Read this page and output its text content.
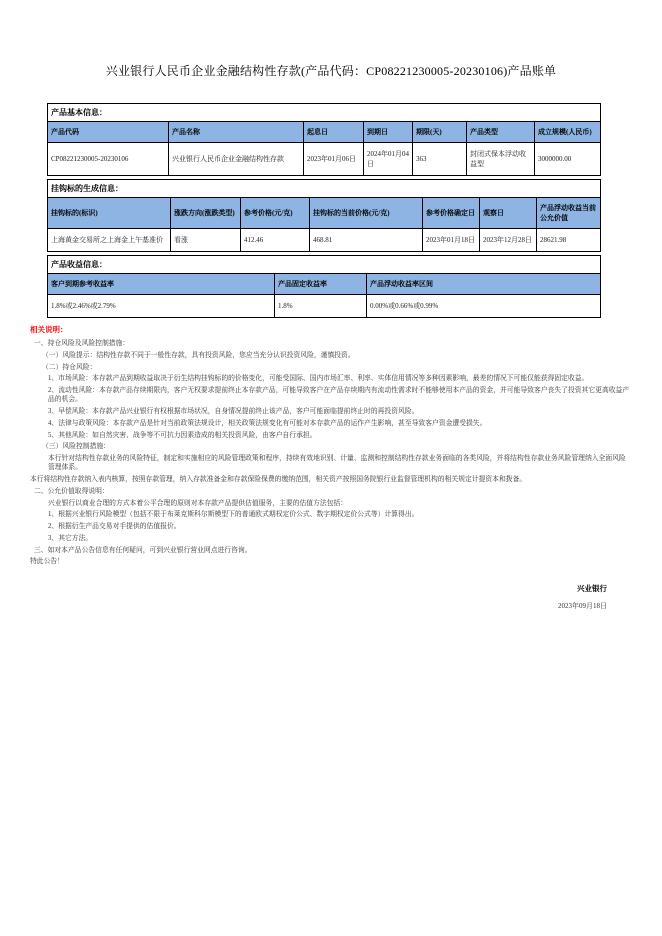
兴业银行人民币企业金融结构性存款(产品代码：CP08221230005-20230106)产品账单
产品基本信息：						
产品代码	产品名称	起息日	到期日	期限(天)	产品类型	成立规模(人民币)
CP08221230005-20230106	兴业银行人民币企业金融结构性存款	2023年01月06日	2024年01月04日	363	封闭式保本浮动收益型	3000000.00
挂钩标的生成信息：						
挂钩标的(标识)	涨跌方向(涨跌类型)	参考价格(元/克)	挂钩标的当前价格(元/克)	参考价格确定日	观察日	产品浮动收益当前公允价值
上海黄金交易所之上海金上午基准价	看涨	412.46	468.81	2023年01月18日	2023年12月28日	28621.98
产品收益信息：		
客户到期参考收益率	产品固定收益率	产品浮动收益率区间
1.8%或2.46%或2.79%	1.8%	0.00%或0.66%或0.99%
相关说明：
一、持仓风险及风险控制措施：
（一）风险提示：结构性存款不同于一般性存款，具有投资风险，您应当充分认识投资风险，谨慎投资。
（二）持仓风险：
1、市场风险：本存款产品到期收益取决于衍生结构挂钩标的的价格变化，可能受国际、国内市场汇率、利率、实体信用情况等多种因素影响，最差的情况下可能仅能获得固定收益。
2、流动性风险：本存款产品存续期限内，客户无权要求提前终止本存款产品，可能导致客户在产品存续期内有流动性需求时不能够使用本产品的资金，并可能导致客户丧失了投资其它更高收益产品的机会。
3、早偿风险：本存款产品兴业银行有权根据市场状况，自身情况提前终止该产品，客户可能面临提前终止时的再投资风险。
4、法律与政策风险：本存款产品是针对当前政策法规设计，相关政策法规变化有可能对本存款产品的运作产生影响，甚至导致客户资金遭受损失。
5、其他风险：如自然灾害、战争等不可抗力因素造成的相关投资风险，由客户自行承担。
（三）风险控制措施：
本行针对结构性存款业务的风险特征，制定和实施相应的风险管理政策和程序，持续有效地识别、计量、监测和控制结构性存款业务面临的各类风险，并将结构性存款业务风险管理纳入全面风险管理体系。
本行将结构性存款纳入表内核算，按照存款管理，纳入存款准备金和存款保险保费的缴纳范围，相关资产按照国务院银行业监督管理机构的相关规定计提资本和拨备。
二、公允价值取得说明：
兴业银行以商业合理的方式本着公平合理的原则对本存款产品提供估值服务，主要的估值方法包括：
1、根据兴业银行风险模型（包括不限于布莱克斯科尔斯模型下的普通欧式期权定价公式、数字期权定价公式等）计算得出。
2、根据衍生产品交易对手提供的估值报价。
3、其它方法。
三、如对本产品公告信息有任何疑问，可到兴业银行营业网点进行咨询。
特此公告！
兴业银行
2023年09月18日
